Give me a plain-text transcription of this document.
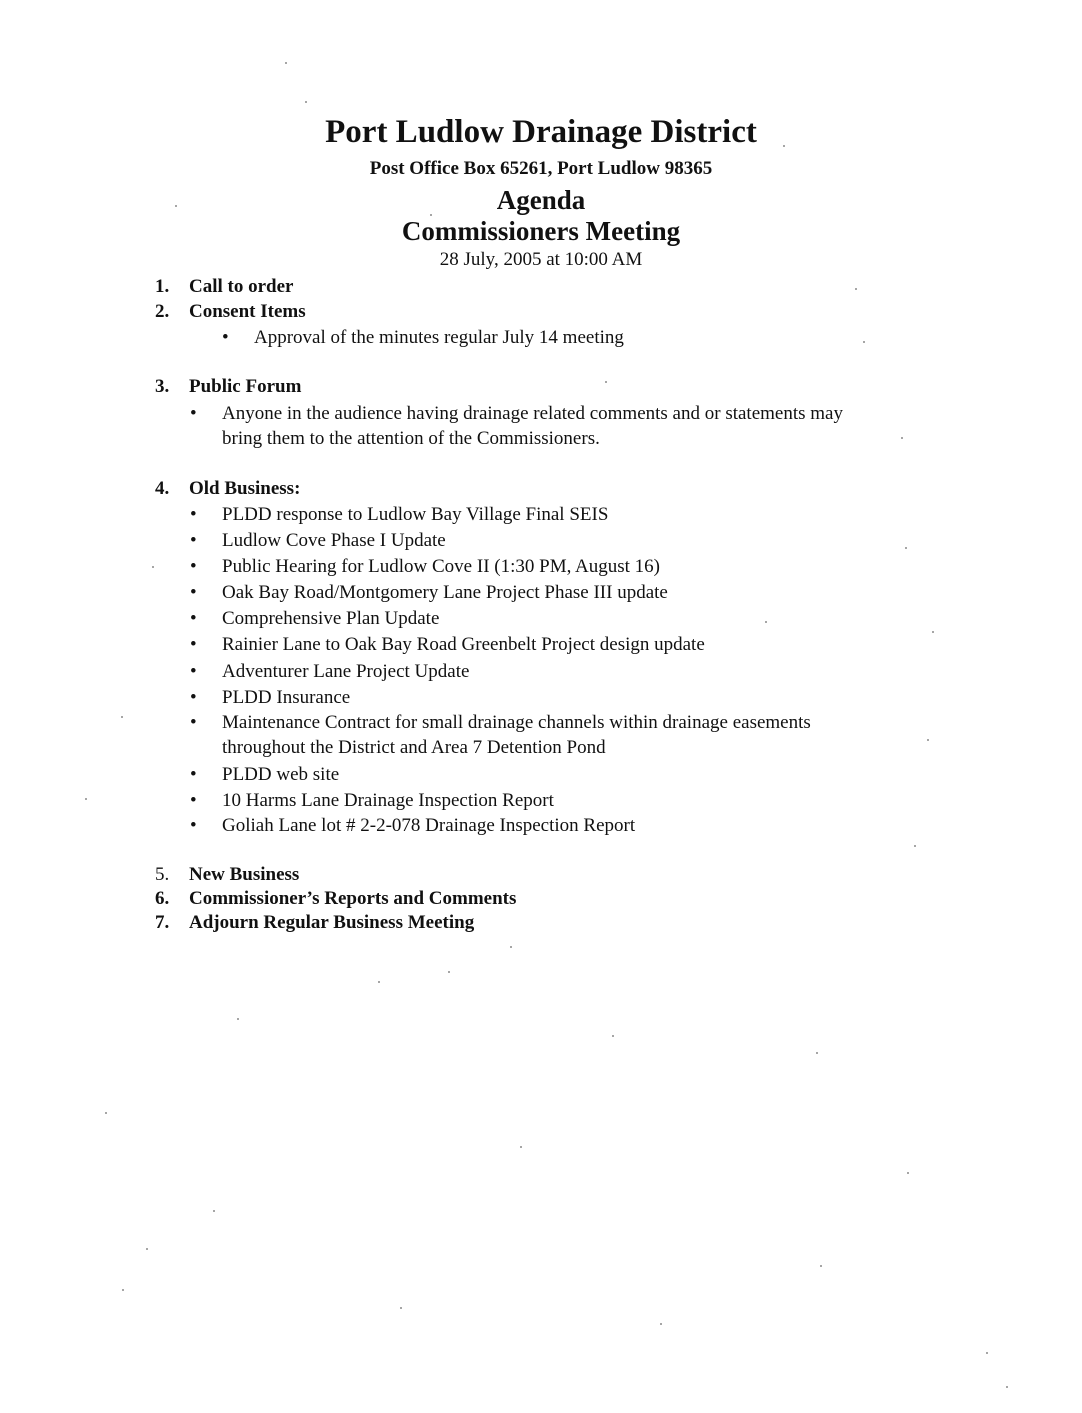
Port Ludlow Drainage District
Post Office Box 65261, Port Ludlow 98365
Agenda
Commissioners Meeting
28 July, 2005 at 10:00 AM
1. Call to order
2. Consent Items
• Approval of the minutes regular July 14 meeting
3. Public Forum
• Anyone in the audience having drainage related comments and or statements may
bring them to the attention of the Commissioners.
4. Old Business:
• PLDD response to Ludlow Bay Village Final SEIS
• Ludlow Cove Phase I Update
• Public Hearing for Ludlow Cove II (1:30 PM, August 16)
• Oak Bay Road/Montgomery Lane Project Phase III update
• Comprehensive Plan Update
• Rainier Lane to Oak Bay Road Greenbelt Project design update
• Adventurer Lane Project Update
• PLDD Insurance
• Maintenance Contract for small drainage channels within drainage easements
throughout the District and Area 7 Detention Pond
• PLDD web site
• 10 Harms Lane Drainage Inspection Report
• Goliah Lane lot # 2-2-078 Drainage Inspection Report
5. New Business
6. Commissioner’s Reports and Comments
7. Adjourn Regular Business Meeting
